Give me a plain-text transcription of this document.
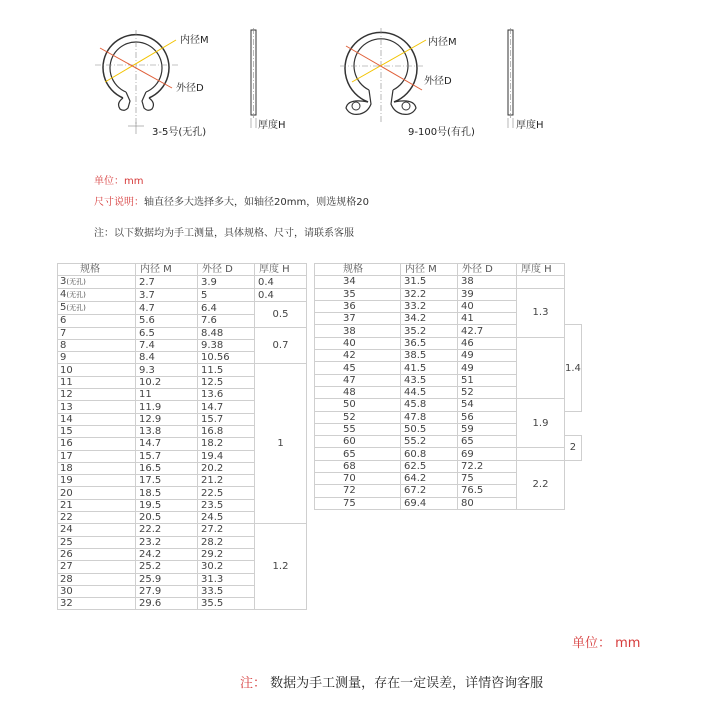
内径M
外径D
3-5号(无孔)
厚度H
内径M
外径D
9-100号(有孔)
厚度H
单位：mm
尺寸说明：轴直径多大选择多大，如轴径20mm，则选规格20
注：以下数据均为手工测量，具体规格、尺寸，请联系客服
规格	内径 M	外径 D	厚度 H
3(无孔)	2.7	3.9	0.4
4(无孔)	3.7	5	0.4
5(无孔)	4.7	6.4	0.5
6	5.6	7.6	
7	6.5	8.48	0.7
8	7.4	9.38	
9	8.4	10.56	
10	9.3	11.5	1
11	10.2	12.5	
12	11	13.6	
13	11.9	14.7	
14	12.9	15.7	
15	13.8	16.8	
16	14.7	18.2	
17	15.7	19.4	
18	16.5	20.2	
19	17.5	21.2	
20	18.5	22.5	
21	19.5	23.5	
22	20.5	24.5	
24	22.2	27.2	1.2
25	23.2	28.2	
26	24.2	29.2	
27	25.2	30.2	
28	25.9	31.3	
30	27.9	33.5	
32	29.6	35.5	
规格	内径 M	外径 D	厚度 H	
34	31.5	38		
35	32.2	39	1.3	
36	33.2	40		
37	34.2	41		
38	35.2	42.7		1.4
40	36.5	46		
42	38.5	49		
45	41.5	49		
47	43.5	51		
48	44.5	52		
50	45.8	54	1.9	
52	47.8	56		
55	50.5	59		
60	55.2	65		2
65	60.8	69		
68	62.5	72.2	2.2	
70	64.2	75		
72	67.2	76.5		
75	69.4	80		
单位： mm
注： 数据为手工测量，存在一定误差，详情咨询客服
